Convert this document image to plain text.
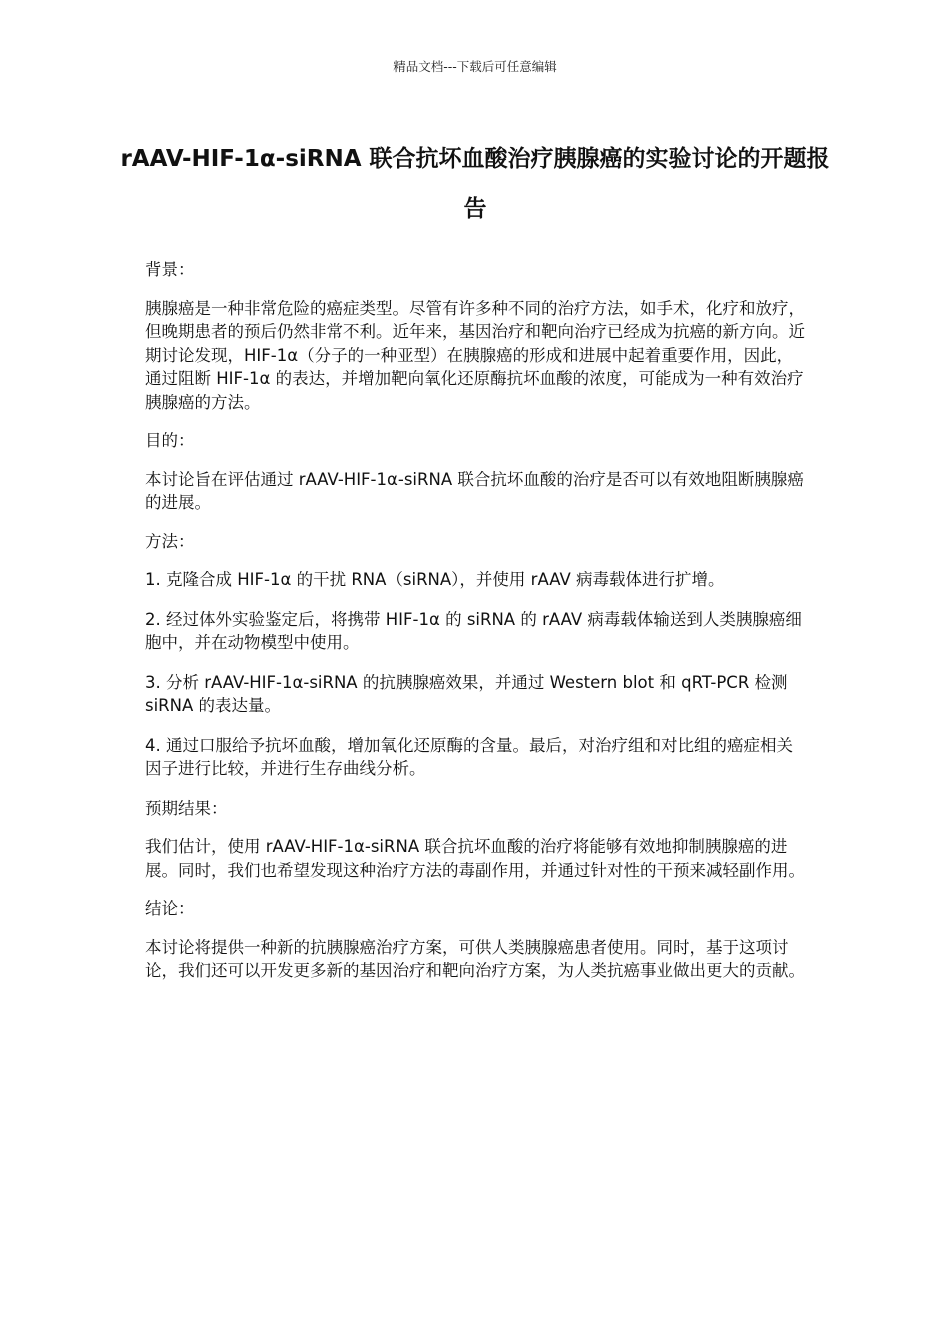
精品文档---下载后可任意编辑
rAAV-HIF-1α-siRNA 联合抗坏血酸治疗胰腺癌的实验讨论的开题报告

背景：

胰腺癌是一种非常危险的癌症类型。尽管有许多种不同的治疗方法，如手术，化疗和放疗，但晚期患者的预后仍然非常不利。近年来，基因治疗和靶向治疗已经成为抗癌的新方向。近期讨论发现，HIF-1α（分子的一种亚型）在胰腺癌的形成和进展中起着重要作用，因此，通过阻断 HIF-1α 的表达，并增加靶向氧化还原酶抗坏血酸的浓度，可能成为一种有效治疗胰腺癌的方法。

目的：

本讨论旨在评估通过 rAAV-HIF-1α-siRNA 联合抗坏血酸的治疗是否可以有效地阻断胰腺癌的进展。

方法：

1. 克隆合成 HIF-1α 的干扰 RNA（siRNA），并使用 rAAV 病毒载体进行扩增。

2. 经过体外实验鉴定后，将携带 HIF-1α 的 siRNA 的 rAAV 病毒载体输送到人类胰腺癌细胞中，并在动物模型中使用。

3. 分析 rAAV-HIF-1α-siRNA 的抗胰腺癌效果，并通过 Western blot 和 qRT-PCR 检测 siRNA 的表达量。

4. 通过口服给予抗坏血酸，增加氧化还原酶的含量。最后，对治疗组和对比组的癌症相关因子进行比较，并进行生存曲线分析。

预期结果：

我们估计，使用 rAAV-HIF-1α-siRNA 联合抗坏血酸的治疗将能够有效地抑制胰腺癌的进展。同时，我们也希望发现这种治疗方法的毒副作用，并通过针对性的干预来减轻副作用。

结论：

本讨论将提供一种新的抗胰腺癌治疗方案，可供人类胰腺癌患者使用。同时，基于这项讨论，我们还可以开发更多新的基因治疗和靶向治疗方案，为人类抗癌事业做出更大的贡献。
